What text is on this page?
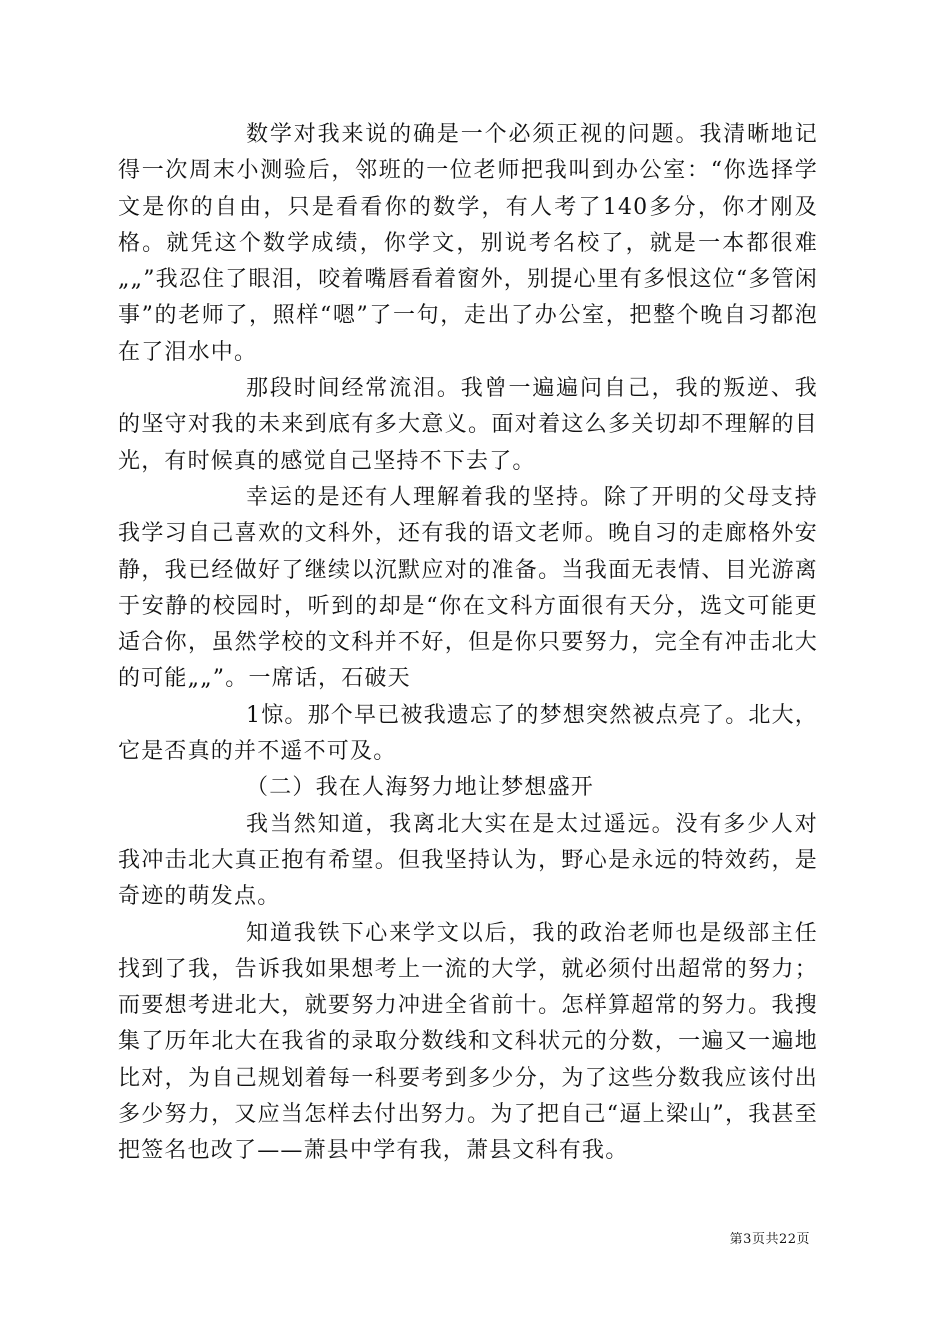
数学对我来说的确是一个必须正视的问题。我清晰地记得一次周末小测验后，邻班的一位老师把我叫到办公室：“你选择学文是你的自由，只是看看你的数学，有人考了140多分，你才刚及格。就凭这个数学成绩，你学文，别说考名校了，就是一本都很难„„”我忍住了眼泪，咬着嘴唇看着窗外，别提心里有多恨这位“多管闲事”的老师了，照样“嗯”了一句，走出了办公室，把整个晚自习都泡在了泪水中。

那段时间经常流泪。我曾一遍遍问自己，我的叛逆、我的坚守对我的未来到底有多大意义。面对着这么多关切却不理解的目光，有时候真的感觉自己坚持不下去了。

幸运的是还有人理解着我的坚持。除了开明的父母支持我学习自己喜欢的文科外，还有我的语文老师。晚自习的走廊格外安静，我已经做好了继续以沉默应对的准备。当我面无表情、目光游离于安静的校园时，听到的却是“你在文科方面很有天分，选文可能更适合你，虽然学校的文科并不好，但是你只要努力，完全有冲击北大的可能„„”。一席话，石破天

1惊。那个早已被我遗忘了的梦想突然被点亮了。北大，它是否真的并不遥不可及。

（二）我在人海努力地让梦想盛开

我当然知道，我离北大实在是太过遥远。没有多少人对我冲击北大真正抱有希望。但我坚持认为，野心是永远的特效药，是奇迹的萌发点。

知道我铁下心来学文以后，我的政治老师也是级部主任找到了我，告诉我如果想考上一流的大学，就必须付出超常的努力；而要想考进北大，就要努力冲进全省前十。怎样算超常的努力。我搜集了历年北大在我省的录取分数线和文科状元的分数，一遍又一遍地比对，为自己规划着每一科要考到多少分，为了这些分数我应该付出多少努力，又应当怎样去付出努力。为了把自己“逼上梁山”，我甚至把签名也改了——萧县中学有我，萧县文科有我。

第3页共22页
